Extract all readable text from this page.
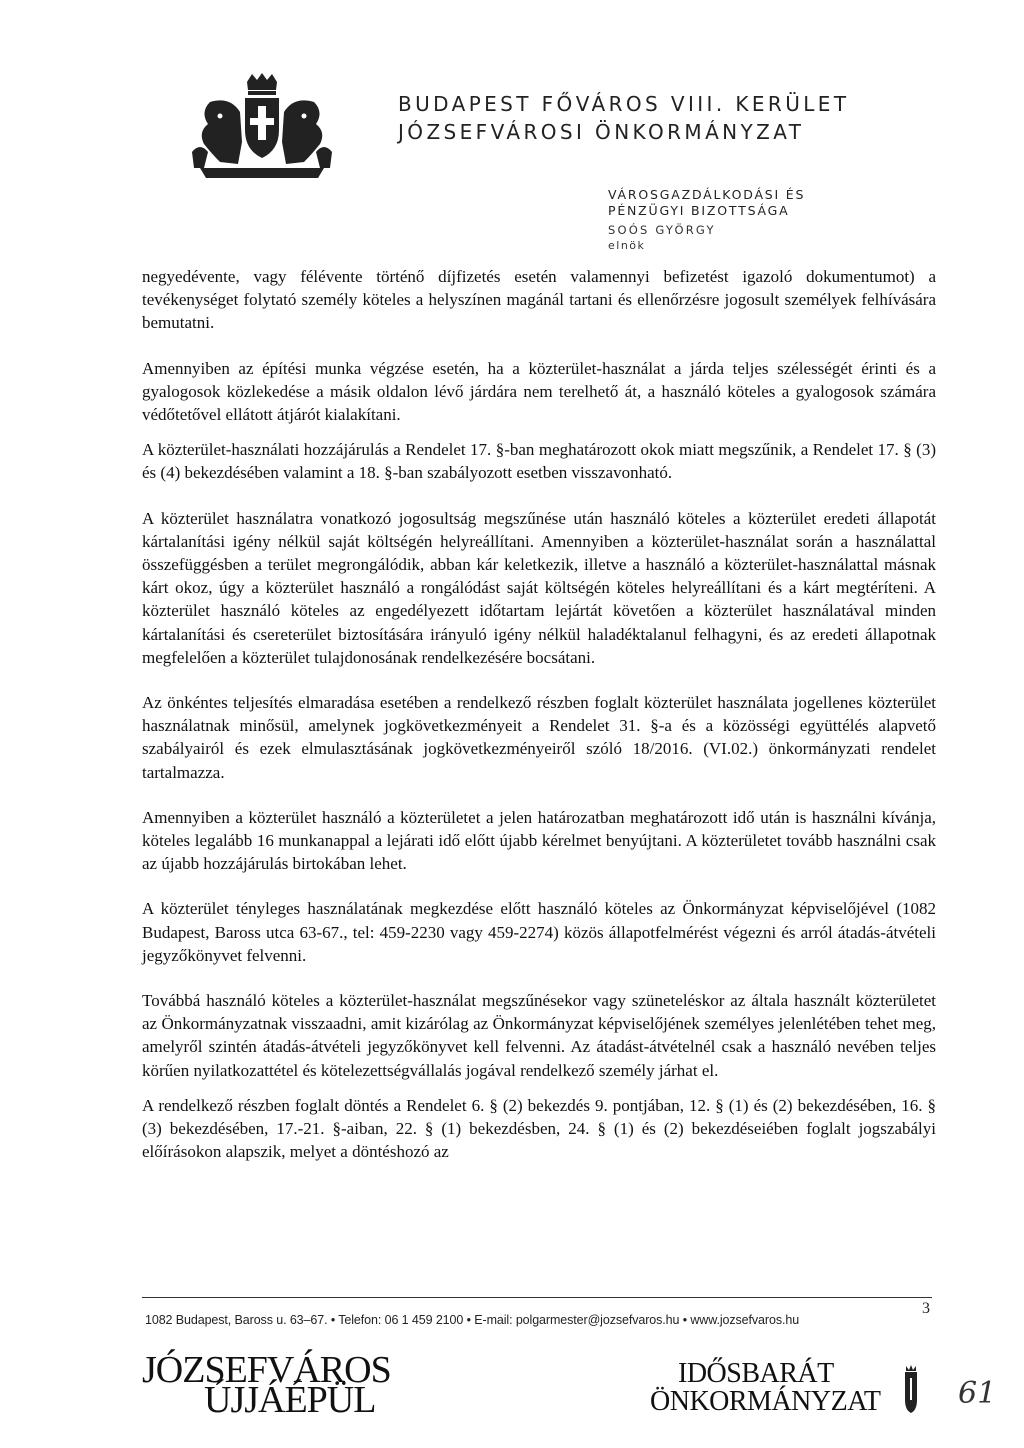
BUDAPEST FŐVÁROS VIII. KERÜLET
JÓZSEFVÁROSI ÖNKORMÁNYZAT
VÁROSGAZDÁLKODÁSI ÉS
PÉNZÜGYI BIZOTTSÁGA
SOÓS GYÖRGY
elnök

negyedévente, vagy félévente történő díjfizetés esetén valamennyi befizetést igazoló dokumentumot) a tevékenységet folytató személy köteles a helyszínen magánál tartani és ellenőrzésre jogosult személyek felhívására bemutatni.

Amennyiben az építési munka végzése esetén, ha a közterület-használat a járda teljes szélességét érinti és a gyalogosok közlekedése a másik oldalon lévő járdára nem terelhető át, a használó köteles a gyalogosok számára védőtetővel ellátott átjárót kialakítani.

A közterület-használati hozzájárulás a Rendelet 17. §-ban meghatározott okok miatt megszűnik, a Rendelet 17. § (3) és (4) bekezdésében valamint a 18. §-ban szabályozott esetben visszavonható.

A közterület használatra vonatkozó jogosultság megszűnése után használó köteles a közterület eredeti állapotát kártalanítási igény nélkül saját költségén helyreállítani. Amennyiben a közterület-használat során a használattal összefüggésben a terület megrongálódik, abban kár keletkezik, illetve a használó a közterület-használattal másnak kárt okoz, úgy a közterület használó a rongálódást saját költségén köteles helyreállítani és a kárt megtéríteni. A közterület használó köteles az engedélyezett időtartam lejártát követően a közterület használatával minden kártalanítási és csereterület biztosítására irányuló igény nélkül haladéktalanul felhagyni, és az eredeti állapotnak megfelelően a közterület tulajdonosának rendelkezésére bocsátani.

Az önkéntes teljesítés elmaradása esetében a rendelkező részben foglalt közterület használata jogellenes közterület használatnak minősül, amelynek jogkövetkezményeit a Rendelet 31. §-a és a közösségi együttélés alapvető szabályairól és ezek elmulasztásának jogkövetkezményeiről szóló 18/2016. (VI.02.) önkormányzati rendelet tartalmazza.

Amennyiben a közterület használó a közterületet a jelen határozatban meghatározott idő után is használni kívánja, köteles legalább 16 munkanappal a lejárati idő előtt újabb kérelmet benyújtani. A közterületet tovább használni csak az újabb hozzájárulás birtokában lehet.

A közterület tényleges használatának megkezdése előtt használó köteles az Önkormányzat képviselőjével (1082 Budapest, Baross utca 63-67., tel: 459-2230 vagy 459-2274) közös állapotfelmérést végezni és arról átadás-átvételi jegyzőkönyvet felvenni.

Továbbá használó köteles a közterület-használat megszűnésekor vagy szüneteléskor az általa használt közterületet az Önkormányzatnak visszaadni, amit kizárólag az Önkormányzat képviselőjének személyes jelenlétében tehet meg, amelyről szintén átadás-átvételi jegyzőkönyvet kell felvenni. Az átadást-átvételnél csak a használó nevében teljes körűen nyilatkozattétel és kötelezettségvállalás jogával rendelkező személy járhat el.

A rendelkező részben foglalt döntés a Rendelet 6. § (2) bekezdés 9. pontjában, 12. § (1) és (2) bekezdésében, 16. § (3) bekezdésében, 17.-21. §-aiban, 22. § (1) bekezdésben, 24. § (1) és (2) bekezdéseiében foglalt jogszabályi előírásokon alapszik, melyet a döntéshozó az

1082 Budapest, Baross u. 63–67. • Telefon: 06 1 459 2100 • E-mail: polgarmester@jozsefvaros.hu • www.jozsefvaros.hu
3
JÓZSEFVÁROS
ÚJJÁÉPÜL
IDŐSBARÁT
ÖNKORMÁNYZAT	61
